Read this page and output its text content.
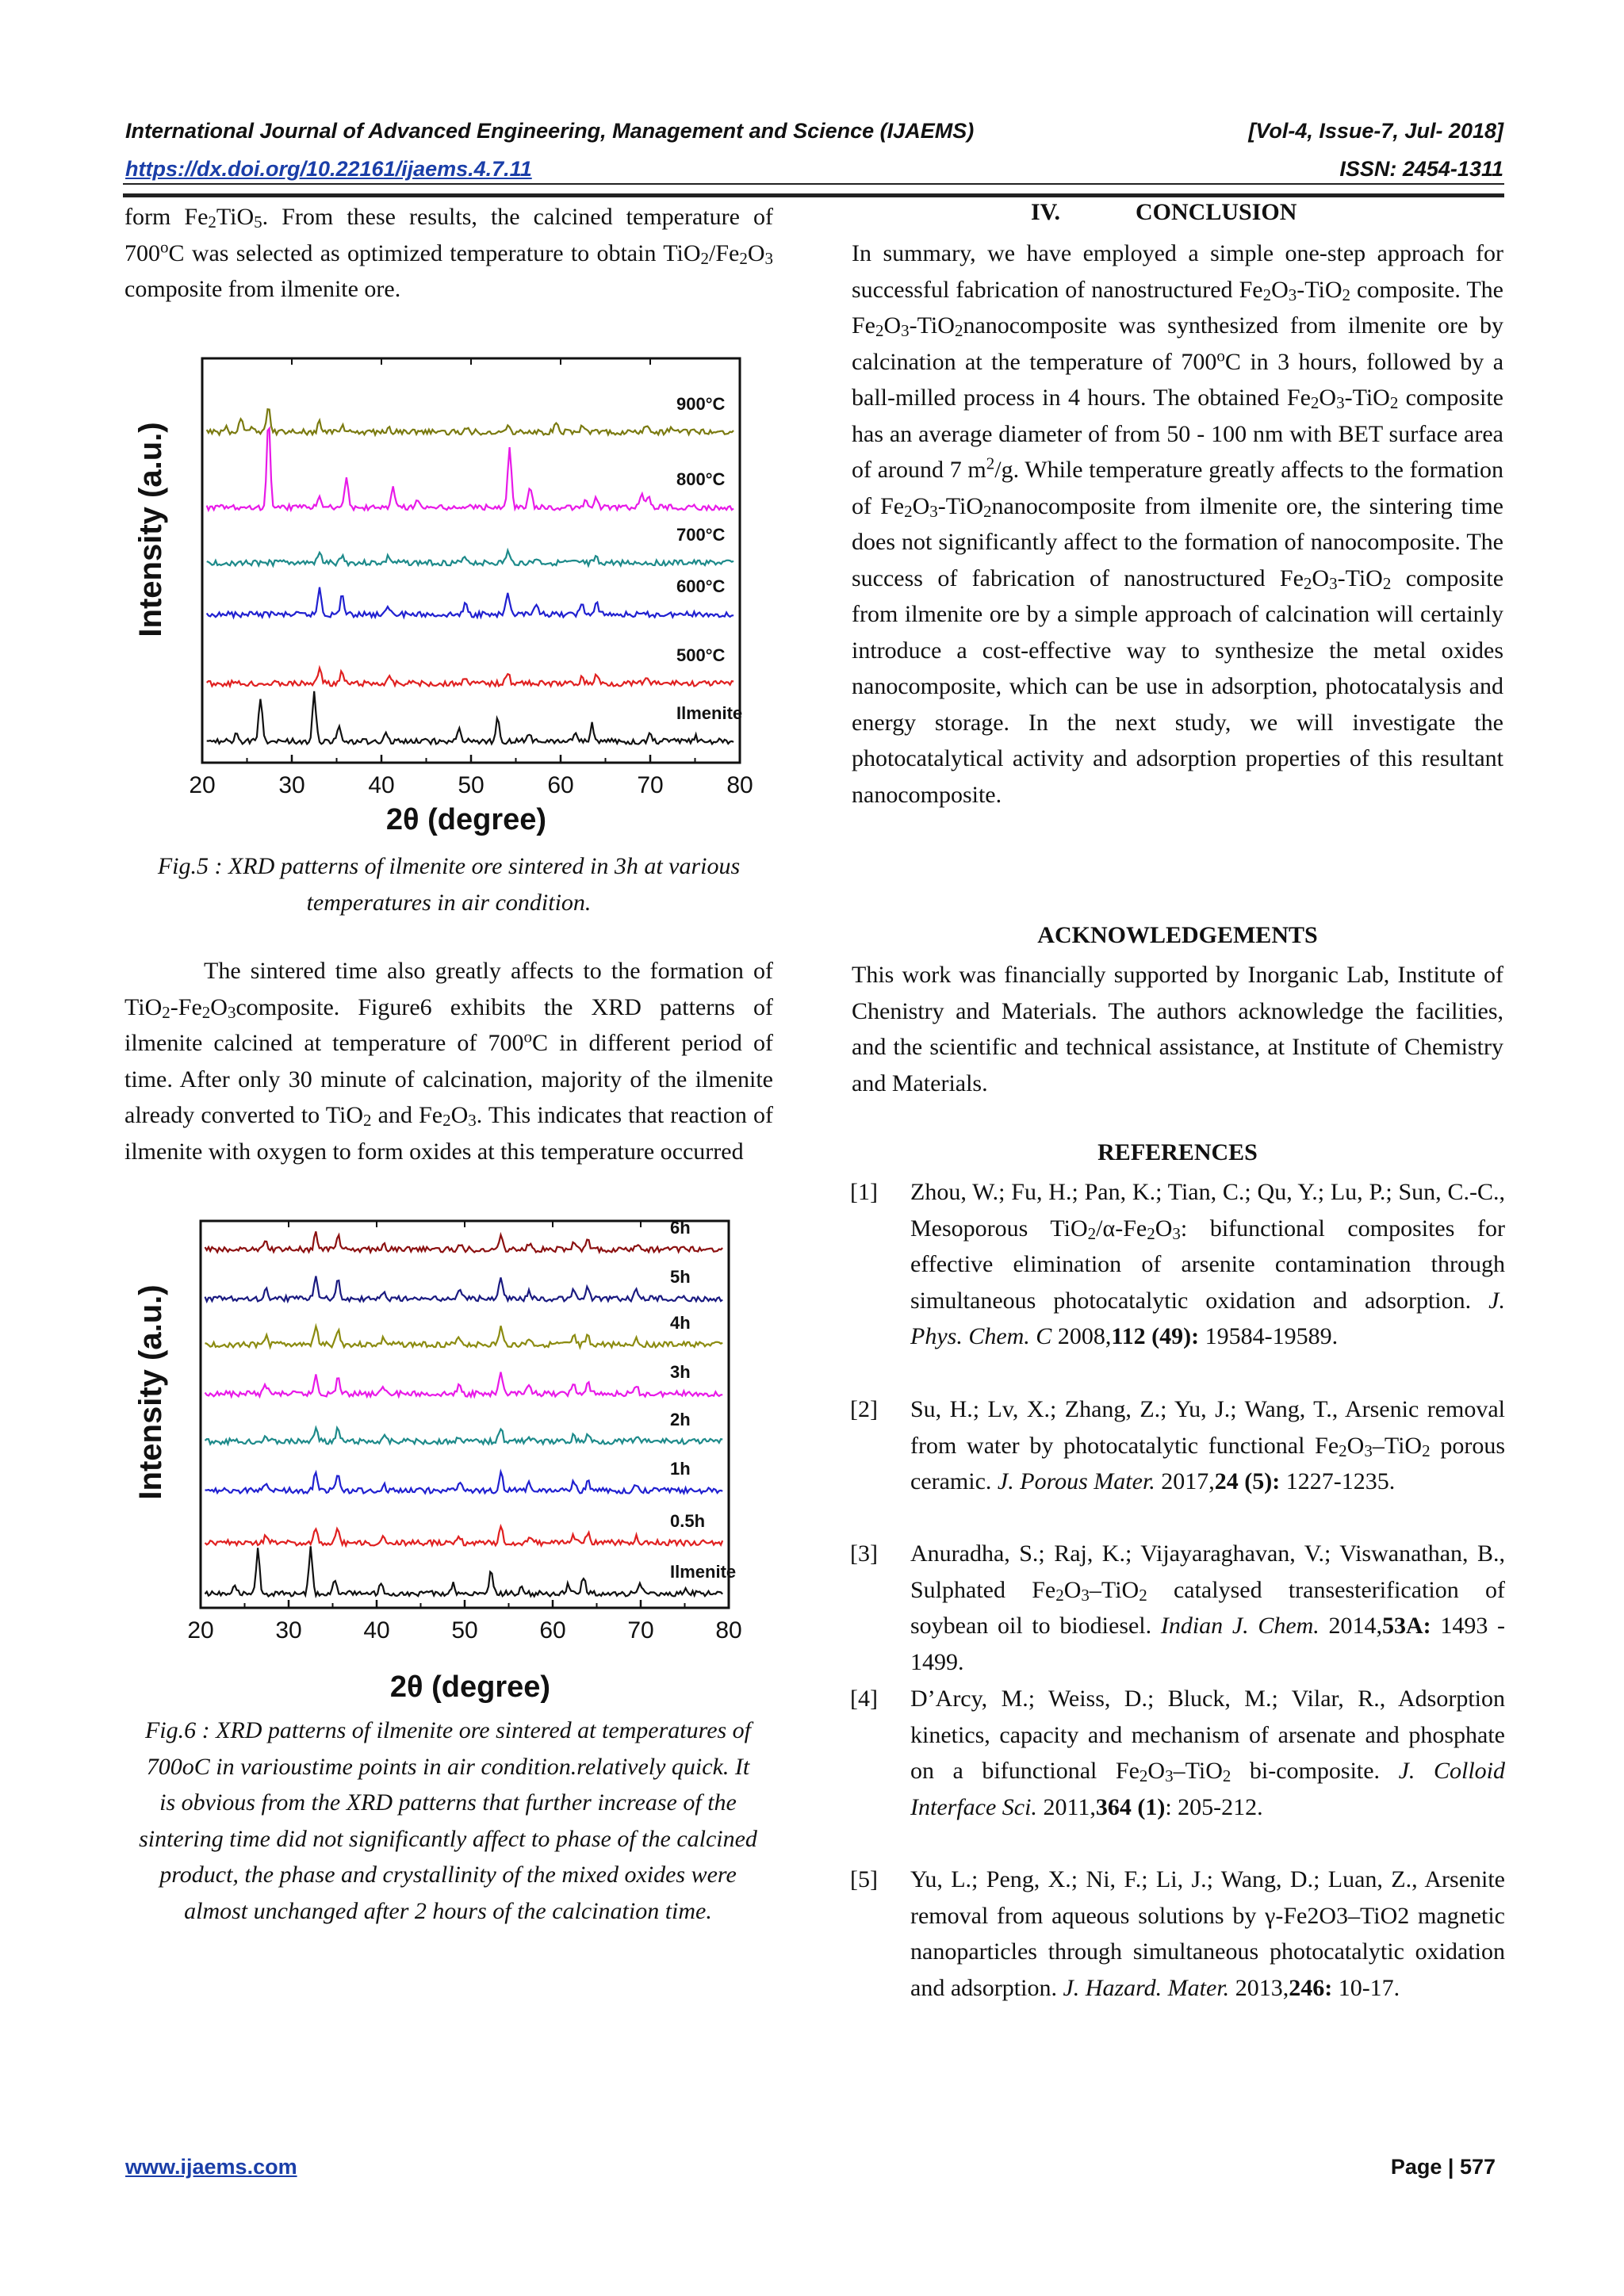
International Journal of Advanced Engineering, Management and Science (IJAEMS)	[Vol-4, Issue-7, Jul- 2018]
https://dx.doi.org/10.22161/ijaems.4.7.11	ISSN: 2454-1311

form $Fe_2TiO_5$. From these results, the calcined temperature of 700$^o$C was selected as optimized temperature to obtain $TiO_2/Fe_2O_3$ composite from ilmenite ore.

20	30	40	50	60	70	80
900°C
800°C
700°C
600°C
500°C
Ilmenite
Intensity (a.u.)
2θ (degree)
Fig.5 : XRD patterns of ilmenite ore sintered in 3h at various temperatures in air condition.

The sintered time also greatly affects to the formation of $TiO_2-Fe_2O_3composite$. Figure6 exhibits the XRD patterns of ilmenite calcined at temperature of 700$^o$C in different period of time. After only 30 minute of calcination, majority of the ilmenite already converted to TiO$_2$ and $Fe_2O_3$. This indicates that reaction of ilmenite with oxygen to form oxides at this temperature occurred

20	30	40	50	60	70	80
6h
5h
4h
3h
2h
1h
0.5h
Ilmenite
Intensity (a.u.)
2θ (degree)
Fig.6 : XRD patterns of ilmenite ore sintered at temperatures of 700oC in varioustime points in air condition.relatively quick. It is obvious from the XRD patterns that further increase of the sintering time did not significantly affect to phase of the calcined product, the phase and crystallinity of the mixed oxides were almost unchanged after 2 hours of the calcination time.
IV.	CONCLUSION

In summary, we have employed a simple one-step approach for successful fabrication of nanostructured $Fe_2O_3-TiO_2$ composite. The $Fe_2O_3-TiO_2nanocomposite$ was synthesized from ilmenite ore by calcination at the temperature of 700$^o$C in 3 hours, followed by a ball-milled process in 4 hours. The obtained $Fe_2O_3-TiO_2$ composite has an average diameter of from 50 - 100 nm with BET surface area of around 7 $m^2/g$. While temperature greatly affects to the formation of $Fe_2O_3-TiO_2nanocomposite$ from ilmenite ore, the sintering time does not significantly affect to the formation of nanocomposite. The success of fabrication of nanostructured $Fe_2O_3-TiO_2$ composite from ilmenite ore by a simple approach of calcination will certainly introduce a cost-effective way to synthesize the metal oxides nanocomposite, which can be use in adsorption, photocatalysis and energy storage. In the next study, we will investigate the photocatalytical activity and adsorption properties of this resultant nanocomposite.

ACKNOWLEDGEMENTS
This work was financially supported by Inorganic Lab, Institute of Chenistry and Materials. The authors acknowledge the facilities, and the scientific and technical assistance, at Institute of Chemistry and Materials.
REFERENCES
[1] Zhou, W.; Fu, H.; Pan, K.; Tian, C.; Qu, Y.; Lu, P.; Sun, C.-C., Mesoporous $TiO_2/\alpha-Fe_2O_3$: bifunctional composites for effective elimination of arsenite contamination through simultaneous photocatalytic oxidation and adsorption. J. Phys. Chem. C 2008,112 (49): 19584-19589.
[2] Su, H.; Lv, X.; Zhang, Z.; Yu, J.; Wang, T., Arsenic removal from water by photocatalytic functional $Fe_2O_3-TiO_2$ porous ceramic. J. Porous Mater. 2017,24 (5): 1227-1235.
[3] Anuradha, S.; Raj, K.; Vijayaraghavan, V.; Viswanathan, B., Sulphated $Fe_2O_3-TiO_2$ catalysed transesterification of soybean oil to biodiesel. Indian J. Chem. 2014,53A: 1493 - 1499.
[4] D’Arcy, M.; Weiss, D.; Bluck, M.; Vilar, R., Adsorption kinetics, capacity and mechanism of arsenate and phosphate on a bifunctional $Fe_2O_3-TiO_2$ bi-composite. J. Colloid Interface Sci. 2011,364 (1): 205-212.
[5] Yu, L.; Peng, X.; Ni, F.; Li, J.; Wang, D.; Luan, Z., Arsenite removal from aqueous solutions by γ-Fe2O3–TiO2 magnetic nanoparticles through simultaneous photocatalytic oxidation and adsorption. J. Hazard. Mater. 2013,246: 10-17.
www.ijaems.com	Page | 577
